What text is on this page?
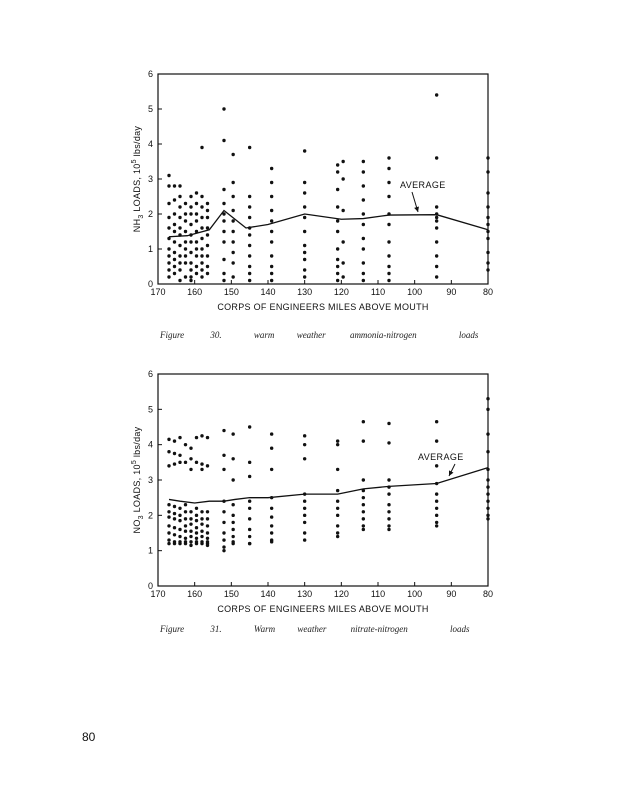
170 160 150 140 130 120 110 100	90	80
0
1
2
3
4
5
6
CORPS OF ENGINEERS MILES ABOVE MOUTH
$NH_3$ LOADS, $10^5$ lbs/day
AVERAGE
170 160 150 140 130 120 110 100	90	80
0
1
2
3
4
5
6
CORPS OF ENGINEERS MILES ABOVE MOUTH
$NO_3$ LOADS, $10^5$ lbs/day	AVERAGE
Figure	30.	warm weather	ammonia-nitrogen	loads
Figure	31.	Warm weather	nitrate-nitrogen	loads
80
